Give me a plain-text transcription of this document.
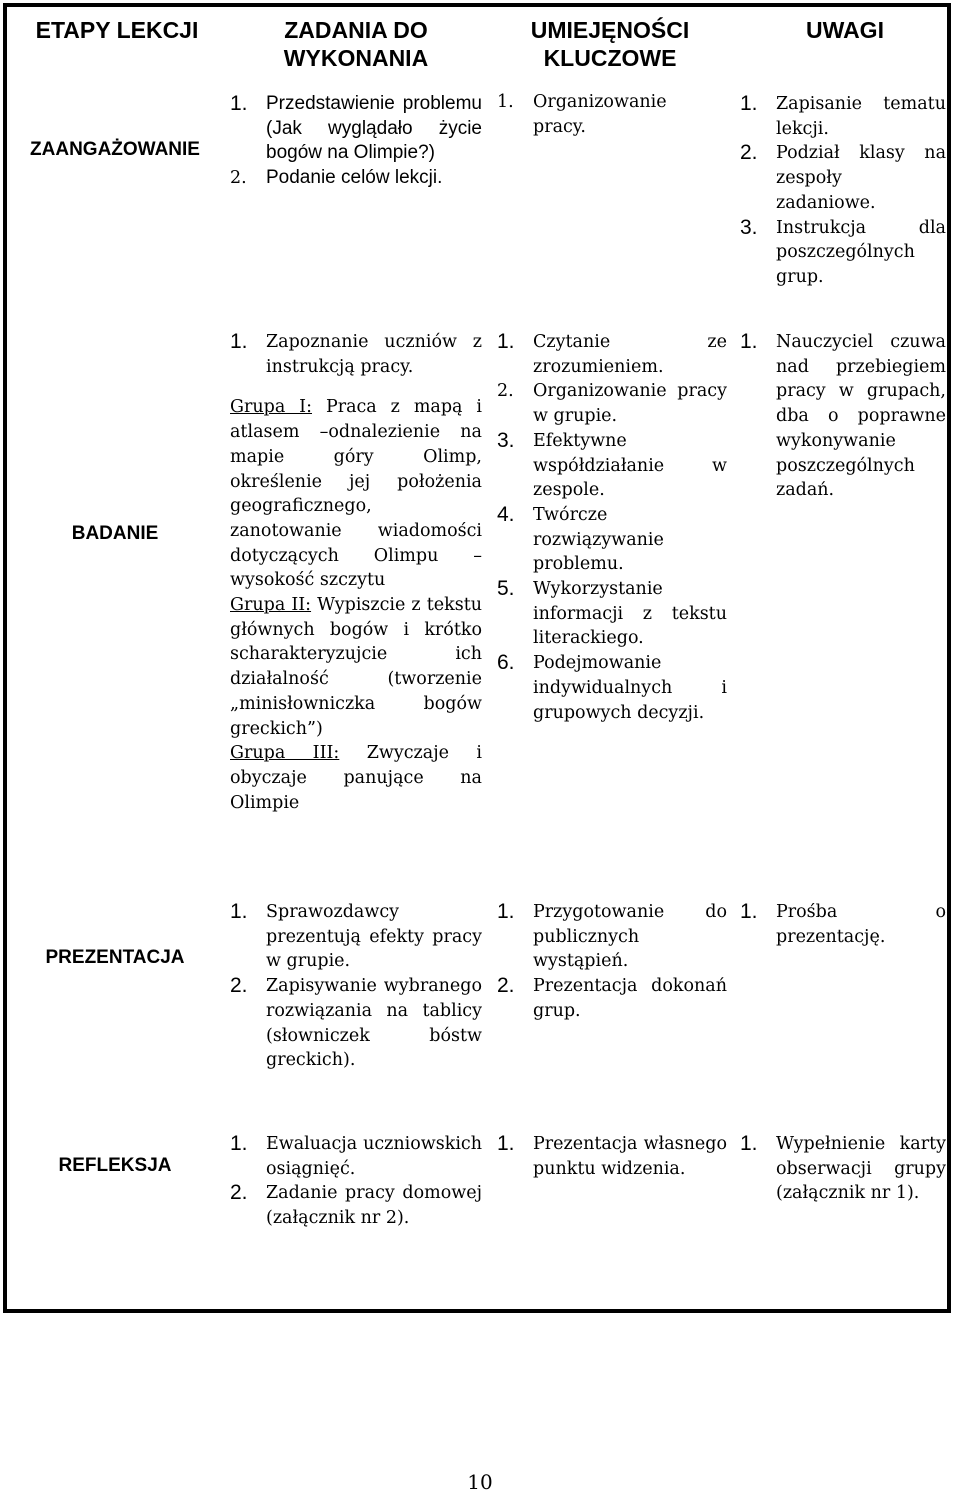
ETAPY LEKCJI	ZADANIA DO WYKONANIA
UMIEJĘNOŚCI KLUCZOWE
UWAGI
ZAANGAŻOWANIE
1. Przedstawienie problemu (Jak wyglądało życie bogów na Olimpie?)
2. Podanie celów lekcji.
1. Organizowanie pracy.
1. Zapisanie tematu lekcji.
2. Podział klasy na zespoły zadaniowe.
3. Instrukcja dla poszczególnych grup.
BADANIE
1. Zapoznanie uczniów z instrukcją pracy.

Grupa I: Praca z mapą i atlasem –odnalezienie na mapie góry Olimp, określenie jej położenia geograficznego, zanotowanie wiadomości dotyczących Olimpu – wysokość szczytu

Grupa II: Wypiszcie z tekstu głównych bogów i krótko scharakteryzujcie ich działalność (tworzenie „minisłowniczka bogów greckich”)

Grupa III: Zwyczaje i obyczaje panujące na Olimpie

1. Czytanie ze zrozumieniem.
2. Organizowanie pracy w grupie.
3. Efektywne współdziałanie w zespole.
4. Twórcze rozwiązywanie problemu.
5. Wykorzystanie informacji z tekstu literackiego.
6. Podejmowanie indywidualnych i grupowych decyzji.
1. Nauczyciel czuwa nad przebiegiem pracy w grupach, dba o poprawne wykonywanie poszczególnych zadań.
PREZENTACJA
1. Sprawozdawcy prezentują efekty pracy w grupie.
2. Zapisywanie wybranego rozwiązania na tablicy (słowniczek bóstw greckich).
1. Przygotowanie do publicznych wystąpień.
2. Prezentacja dokonań grup.
1. Prośba o prezentację.
REFLEKSJA
1. Ewaluacja uczniowskich osiągnięć.
2. Zadanie pracy domowej (załącznik nr 2).
1. Prezentacja własnego punktu widzenia.
1. Wypełnienie karty obserwacji grupy (załącznik nr 1).
10
